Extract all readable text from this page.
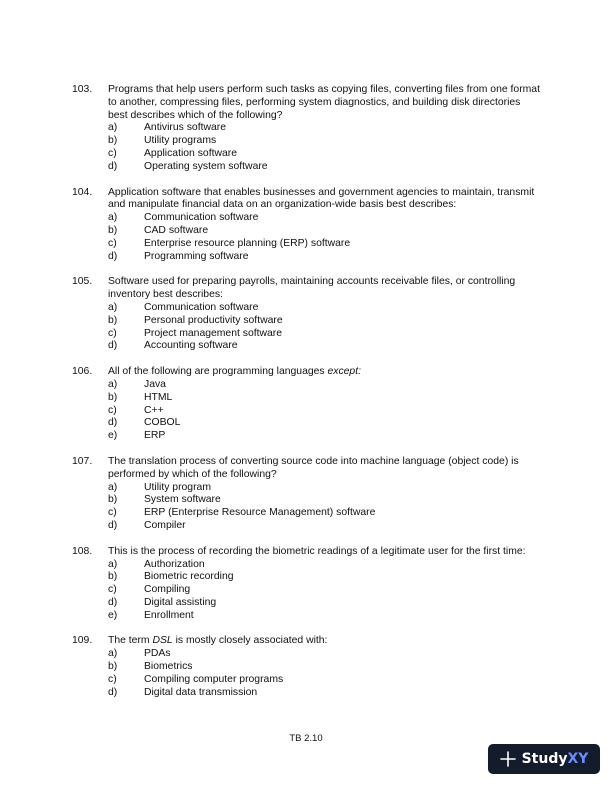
103.	Programs that help users perform such tasks as copying files, converting files from one format to another, compressing files, performing system diagnostics, and building disk directories best describes which of the following?
a)	Antivirus software
b)	Utility programs
c)	Application software
d)	Operating system software
104.	Application software that enables businesses and government agencies to maintain, transmit and manipulate financial data on an organization-wide basis best describes:
a)	Communication software
b)	CAD software
c)	Enterprise resource planning (ERP) software
d)	Programming software
105.	Software used for preparing payrolls, maintaining accounts receivable files, or controlling inventory best describes:
a)	Communication software
b)	Personal productivity software
c)	Project management software
d)	Accounting software
106.	All of the following are programming languages except:
a)	Java
b)	HTML
c)	C++
d)	COBOL
e)	ERP
107.	The translation process of converting source code into machine language (object code) is performed by which of the following?
a)	Utility program
b)	System software
c)	ERP (Enterprise Resource Management) software
d)	Compiler
108.	This is the process of recording the biometric readings of a legitimate user for the first time:
a)	Authorization
b)	Biometric recording
c)	Compiling
d)	Digital assisting
e)	Enrollment
109.	The term DSL is mostly closely associated with:
a)	PDAs
b)	Biometrics
c)	Compiling computer programs
d)	Digital data transmission
TB 2.10
StudyXY
